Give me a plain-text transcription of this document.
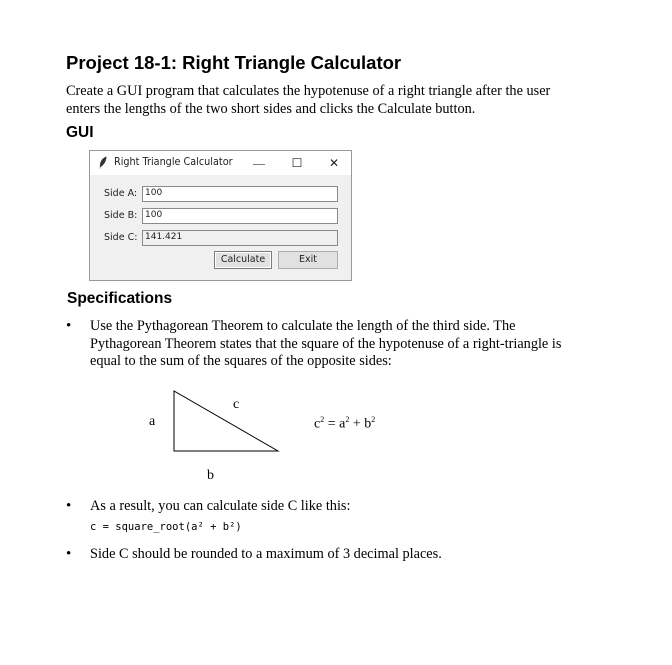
Project 18-1: Right Triangle Calculator
Create a GUI program that calculates the hypotenuse of a right triangle after the user enters the lengths of the two short sides and clicks the Calculate button.
GUI
Right Triangle Calculator	—	☐	✕
Side A: 100
Side B: 100
Side C: 141.421
Calculate	Exit
Specifications
• Use the Pythagorean Theorem to calculate the length of the third side. The Pythagorean Theorem states that the square of the hypotenuse of a right-triangle is equal to the sum of the squares of the opposite sides:
a
c
b
$c^2 = a^2 + b^2$
• As a result, you can calculate side C like this:
c = square_root(a² + b²)
• Side C should be rounded to a maximum of 3 decimal places.
